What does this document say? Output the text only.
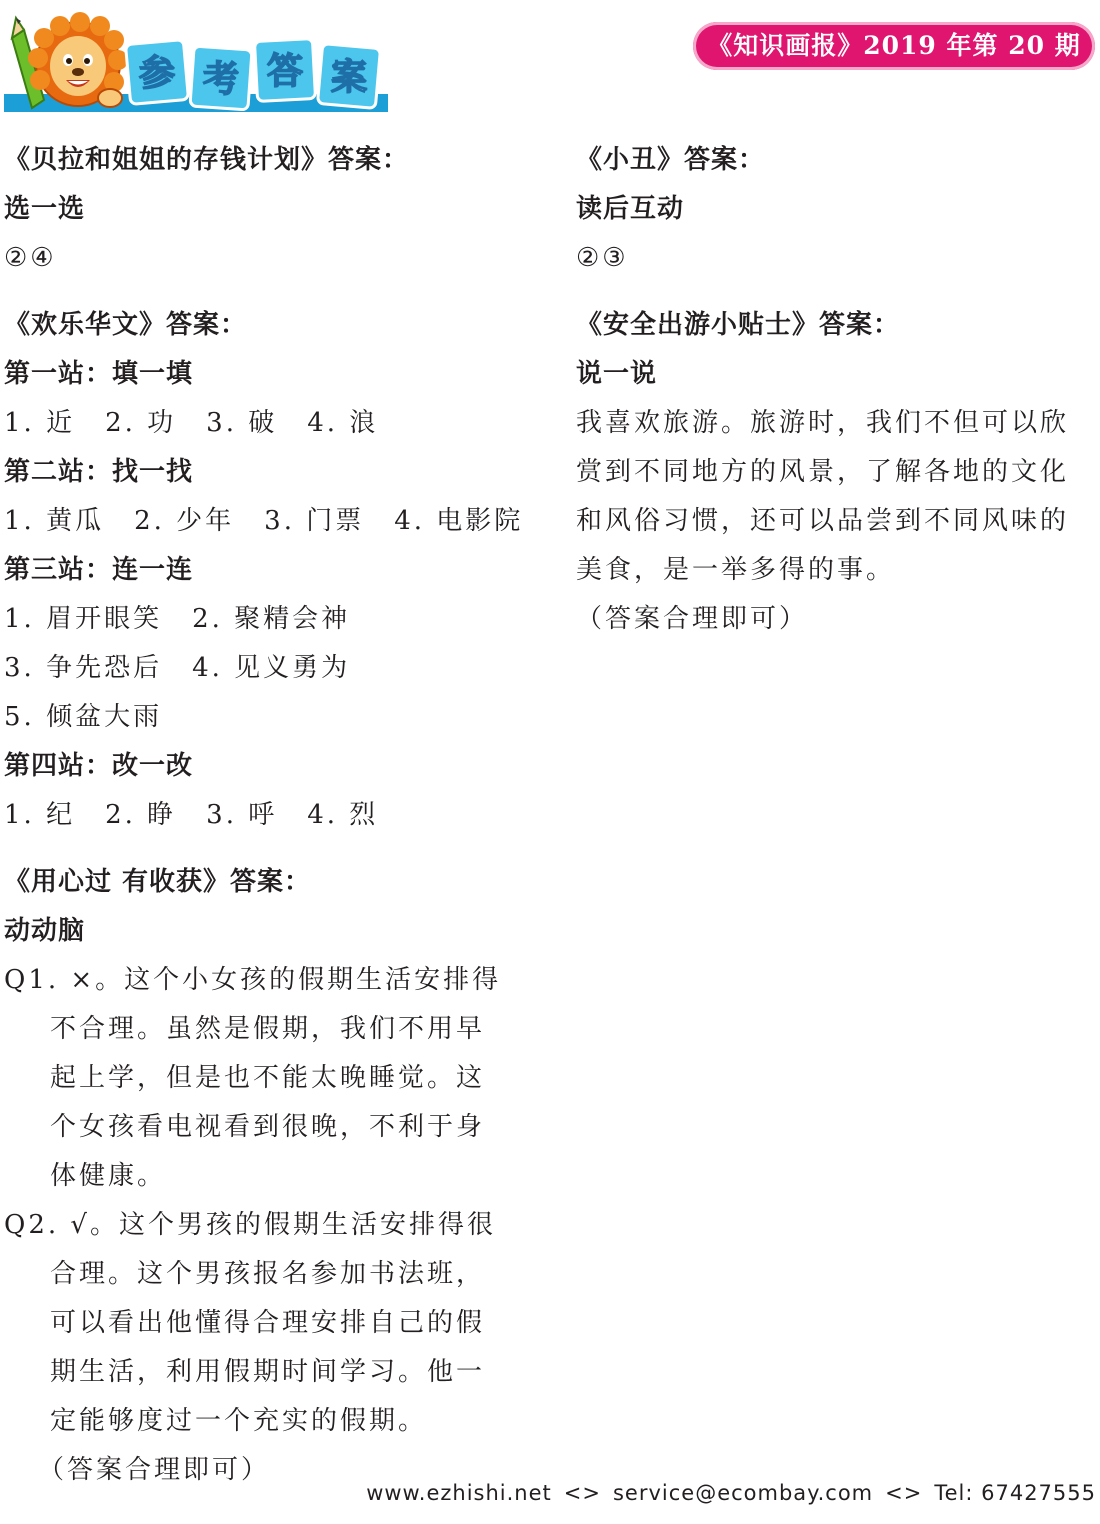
参 考 答 案
《知识画报》2019 年第 20 期
《贝拉和姐姐的存钱计划》答案：
选一选
②④
《欢乐华文》答案：
第一站：填一填
1. 近 2. 功 3. 破 4. 浪
第二站：找一找
1. 黄瓜 2. 少年 3. 门票 4. 电影院
第三站：连一连
1. 眉开眼笑 2. 聚精会神
3. 争先恐后 4. 见义勇为
5. 倾盆大雨
第四站：改一改
1. 纪 2. 睁 3. 呼 4. 烈
《用心过 有收获》答案：
动动脑
Q1. ×。这个小女孩的假期生活安排得
不合理。虽然是假期，我们不用早
起上学，但是也不能太晚睡觉。这
个女孩看电视看到很晚，不利于身
体健康。
Q2. √。这个男孩的假期生活安排得很
合理。这个男孩报名参加书法班，
可以看出他懂得合理安排自己的假
期生活，利用假期时间学习。他一
定能够度过一个充实的假期。
（答案合理即可）
《小丑》答案：
读后互动
②③
《安全出游小贴士》答案：
说一说
我喜欢旅游。旅游时，我们不但可以欣
赏到不同地方的风景，了解各地的文化
和风俗习惯，还可以品尝到不同风味的
美食，是一举多得的事。
（答案合理即可）
www.ezhishi.net <> service@ecombay.com <> Tel: 67427555
